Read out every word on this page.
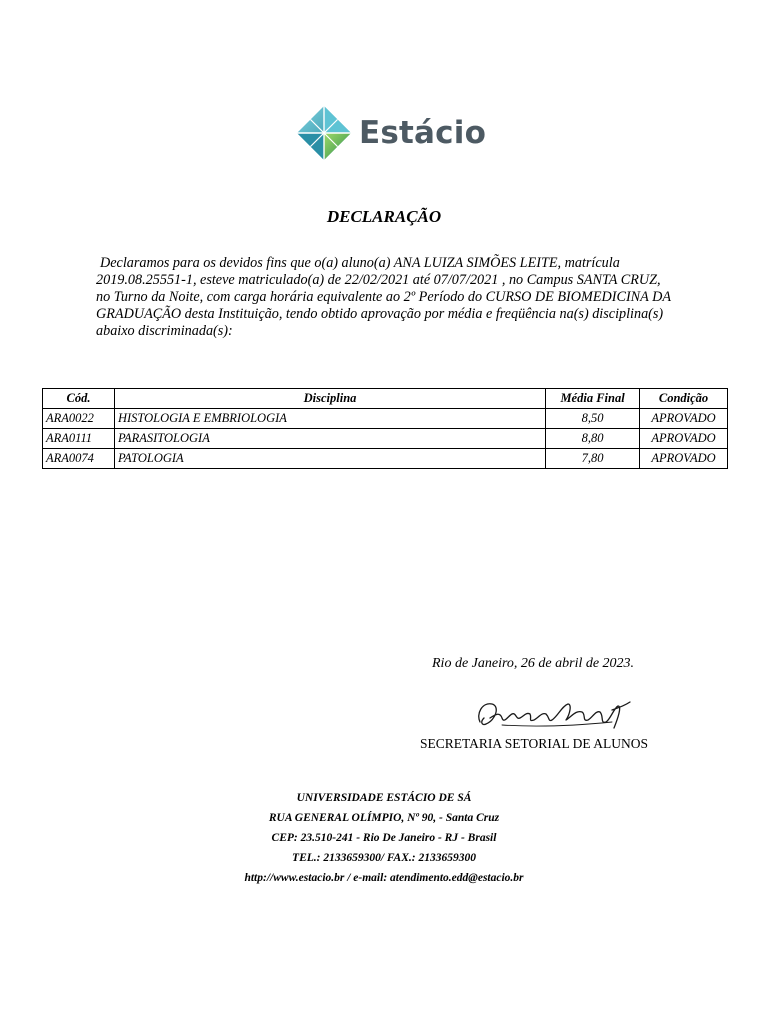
Estácio
DECLARAÇÃO
Declaramos para os devidos fins que o(a) aluno(a) ANA LUIZA SIMÕES LEITE, matrícula 2019.08.25551-1, esteve matriculado(a) de 22/02/2021 até 07/07/2021 , no Campus SANTA CRUZ, no Turno da Noite, com carga horária equivalente ao 2º Período do CURSO DE BIOMEDICINA DA GRADUAÇÃO desta Instituição, tendo obtido aprovação por média e freqüência na(s) disciplina(s) abaixo discriminada(s):
Cód.	Disciplina	Média Final	Condição
ARA0022	HISTOLOGIA E EMBRIOLOGIA	8,50	APROVADO
ARA0111	PARASITOLOGIA	8,80	APROVADO
ARA0074	PATOLOGIA	7,80	APROVADO
Rio de Janeiro, 26 de abril de 2023.
SECRETARIA SETORIAL DE ALUNOS
UNIVERSIDADE ESTÁCIO DE SÁ
RUA GENERAL OLÍMPIO, Nº 90, - Santa Cruz
CEP: 23.510-241 - Rio De Janeiro - RJ - Brasil
TEL.: 2133659300/ FAX.: 2133659300
http://www.estacio.br / e-mail: atendimento.edd@estacio.br
